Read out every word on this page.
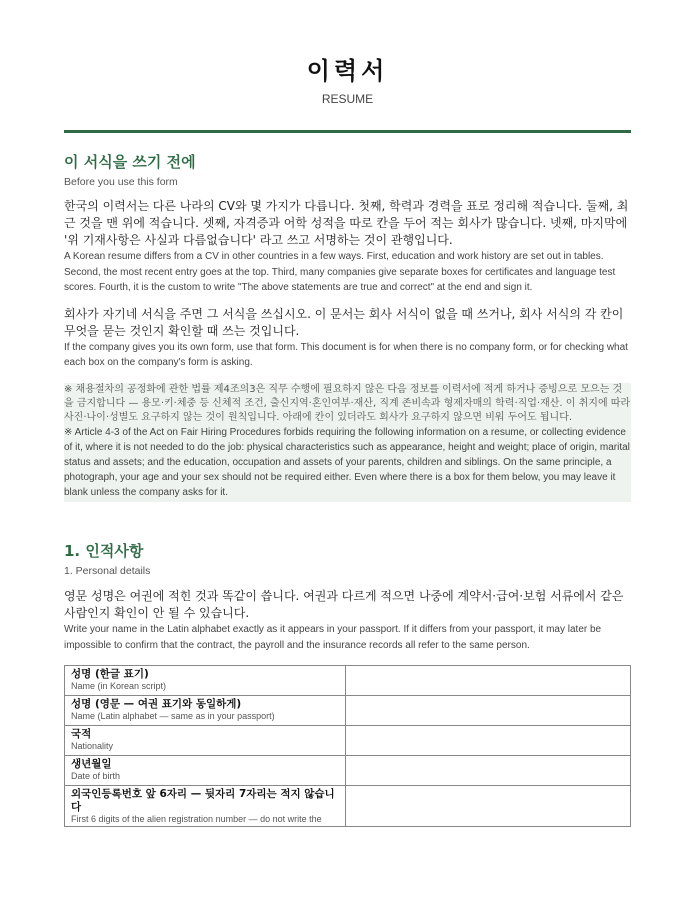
이력서
RESUME
이 서식을 쓰기 전에
Before you use this form

한국의 이력서는 다른 나라의 CV와 몇 가지가 다릅니다. 첫째, 학력과 경력을 표로 정리해 적습니다. 둘째, 최근 것을 맨 위에 적습니다. 셋째, 자격증과 어학 성적을 따로 칸을 두어 적는 회사가 많습니다. 넷째, 마지막에 '위 기재사항은 사실과 다름없습니다' 라고 쓰고 서명하는 것이 관행입니다.

A Korean resume differs from a CV in other countries in a few ways. First, education and work history are set out in tables. Second, the most recent entry goes at the top. Third, many companies give separate boxes for certificates and language test scores. Fourth, it is the custom to write "The above statements are true and correct" at the end and sign it.

회사가 자기네 서식을 주면 그 서식을 쓰십시오. 이 문서는 회사 서식이 없을 때 쓰거나, 회사 서식의 각 칸이 무엇을 묻는 것인지 확인할 때 쓰는 것입니다.

If the company gives you its own form, use that form. This document is for when there is no company form, or for checking what each box on the company's form is asking.

※ 채용절차의 공정화에 관한 법률 제4조의3은 직무 수행에 필요하지 않은 다음 정보를 이력서에 적게 하거나 증빙으로 모으는 것을 금지합니다 — 용모·키·체중 등 신체적 조건, 출신지역·혼인여부·재산, 직계 존비속과 형제자매의 학력·직업·재산. 이 취지에 따라 사진·나이·성별도 요구하지 않는 것이 원칙입니다. 아래에 칸이 있더라도 회사가 요구하지 않으면 비워 두어도 됩니다.

※ Article 4-3 of the Act on Fair Hiring Procedures forbids requiring the following information on a resume, or collecting evidence of it, where it is not needed to do the job: physical characteristics such as appearance, height and weight; place of origin, marital status and assets; and the education, occupation and assets of your parents, children and siblings. On the same principle, a photograph, your age and your sex should not be required either. Even where there is a box for them below, you may leave it blank unless the company asks for it.

1. 인적사항
1. Personal details

영문 성명은 여권에 적힌 것과 똑같이 씁니다. 여권과 다르게 적으면 나중에 계약서·급여·보험 서류에서 같은 사람인지 확인이 안 될 수 있습니다.

Write your name in the Latin alphabet exactly as it appears in your passport. If it differs from your passport, it may later be impossible to confirm that the contract, the payroll and the insurance records all refer to the same person.

성명 (한글 표기)
Name (in Korean script)	

성명 (영문 — 여권 표기와 동일하게)
Name (Latin alphabet — same as in your passport)	

국적
Nationality	

생년월일
Date of birth	

외국인등록번호 앞 6자리 — 뒷자리 7자리는 적지 않습니다
First 6 digits of the alien registration number — do not write the	
